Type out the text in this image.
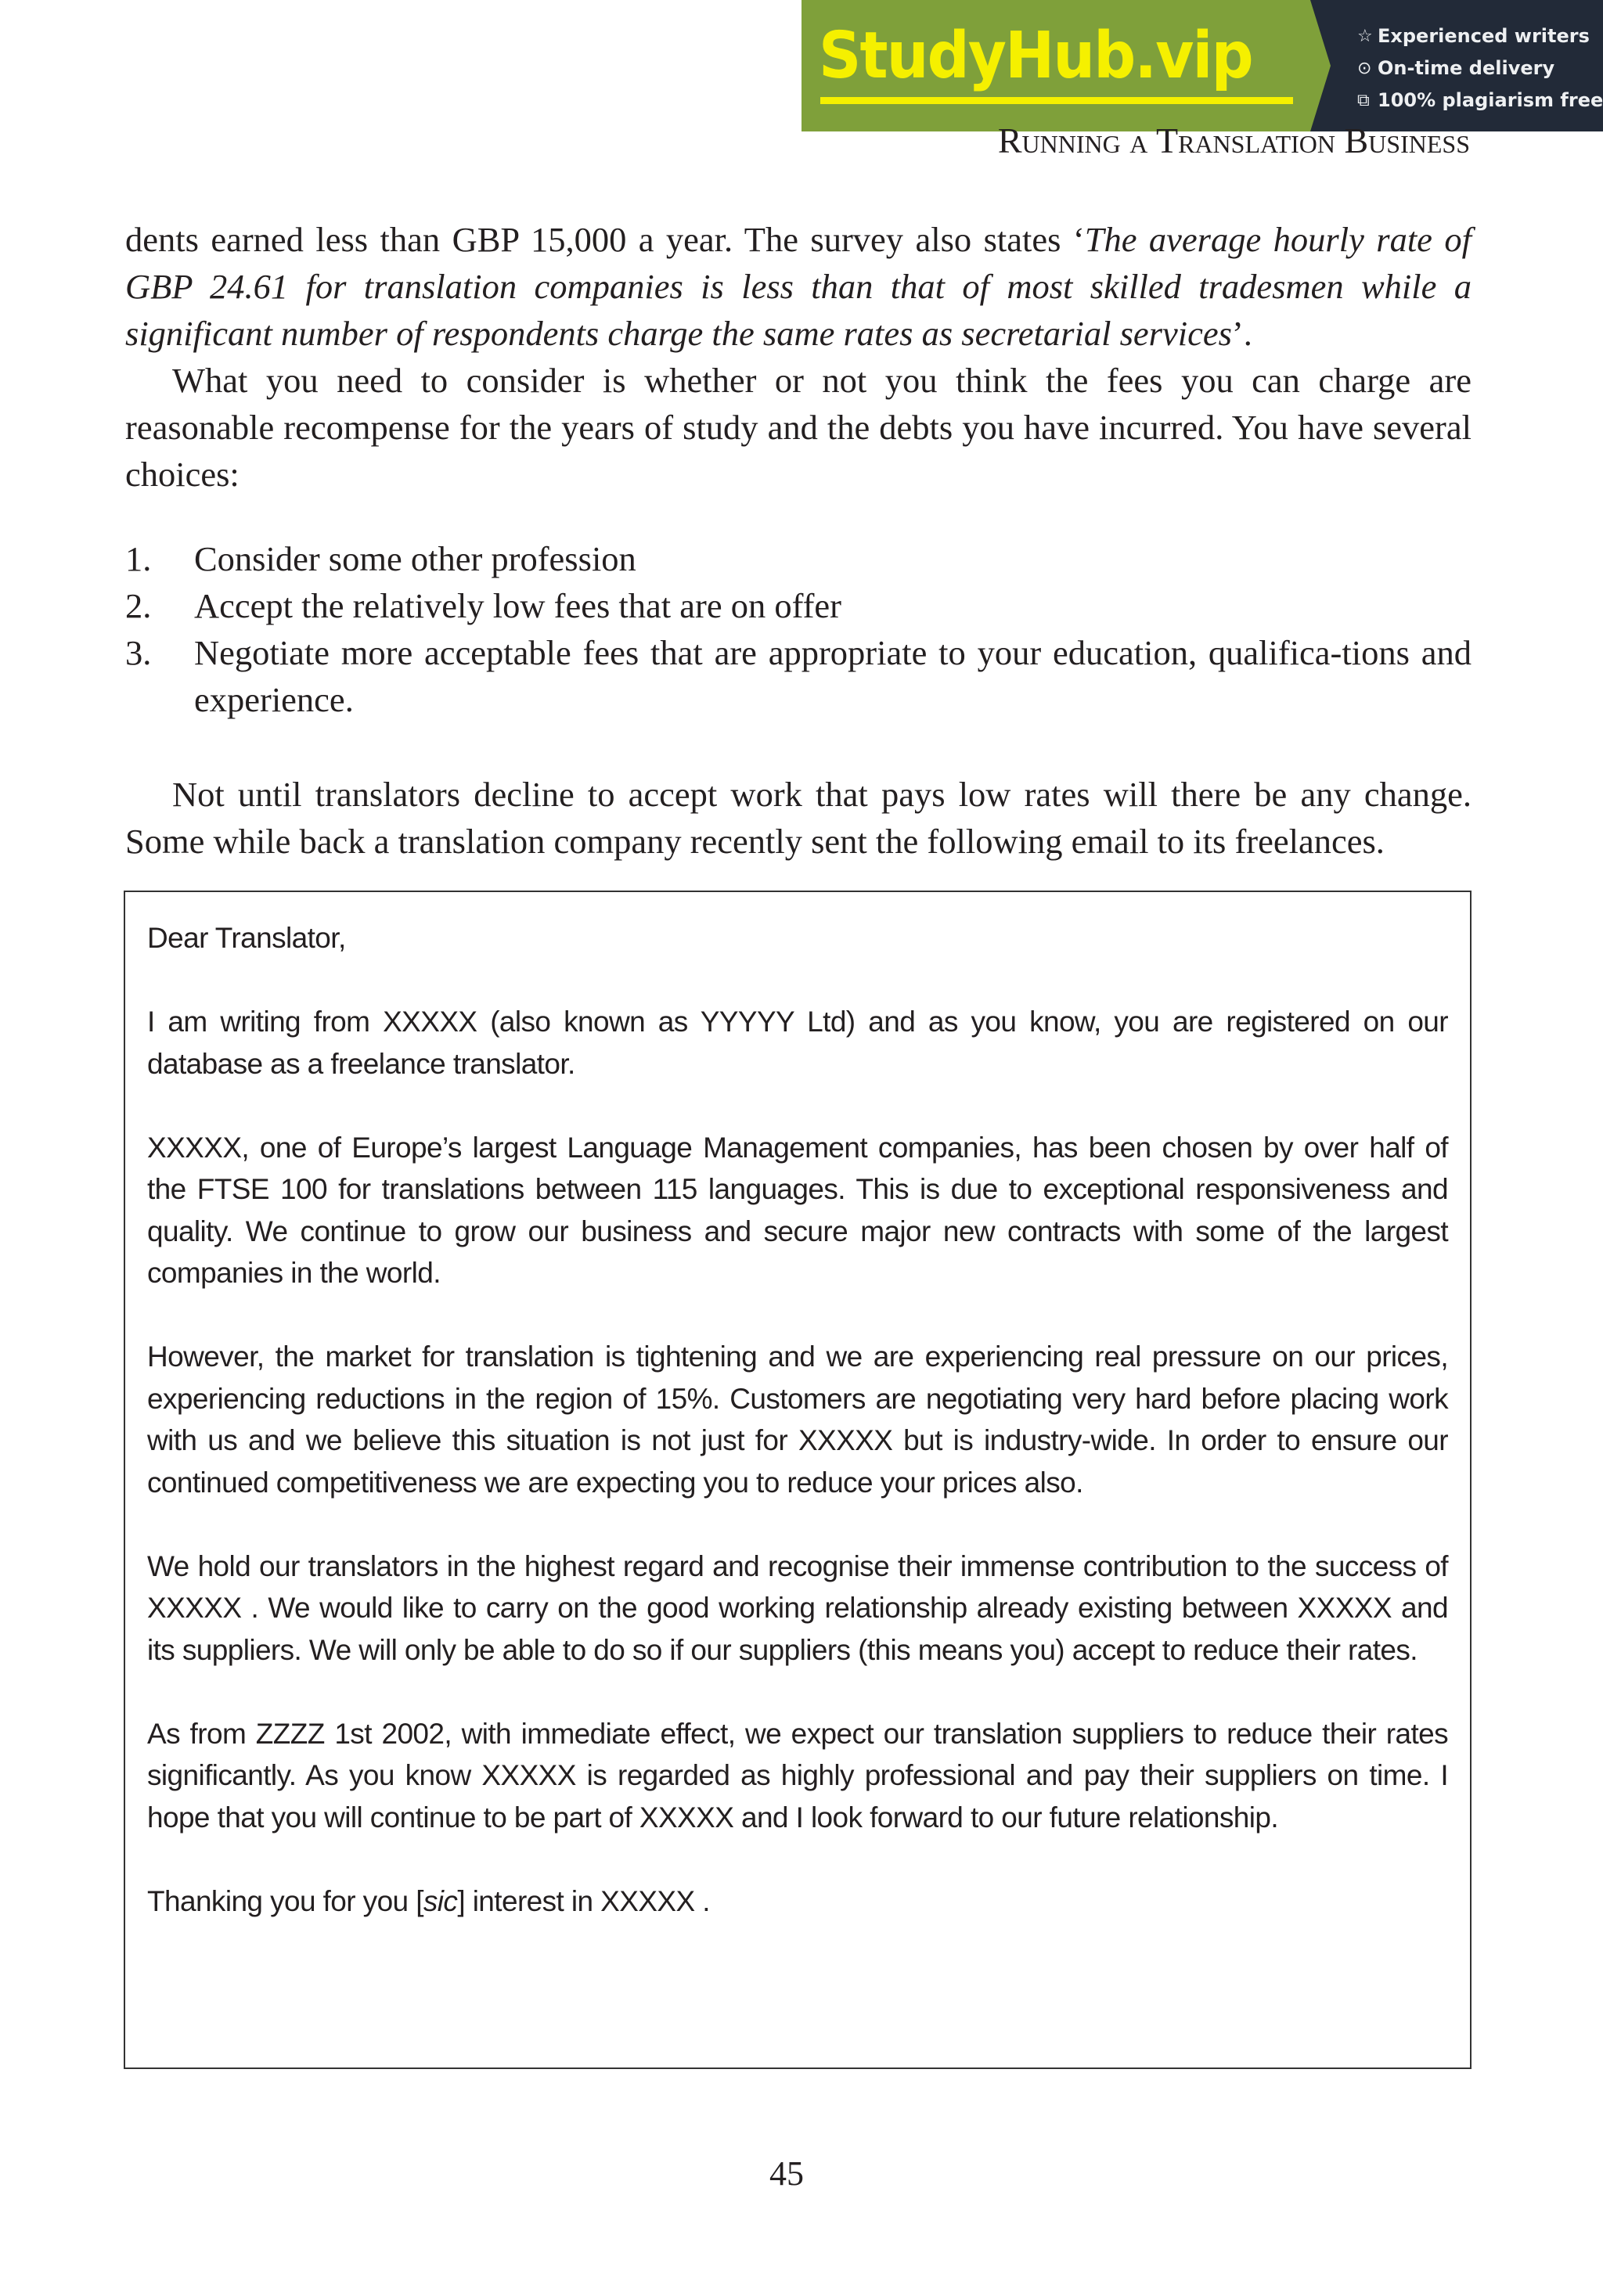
StudyHub.vip	☆ Experienced writers
⊙ On-time delivery
⧉ 100% plagiarism free
Running a Translation Business

dents earned less than GBP 15,000 a year. The survey also states ‘The average hourly rate of GBP 24.61 for translation companies is less than that of most skilled tradesmen while a significant number of respondents charge the same rates as secretarial services’.

What you need to consider is whether or not you think the fees you can charge are reasonable recompense for the years of study and the debts you have incurred. You have several choices:

1.	Consider some other profession
2.	Accept the relatively low fees that are on offer
3.	Negotiate more acceptable fees that are appropriate to your education, qualifica-tions and experience.

Not until translators decline to accept work that pays low rates will there be any change. Some while back a translation company recently sent the following email to its freelances.

Dear Translator,

I am writing from XXXXX (also known as YYYYY Ltd) and as you know, you are registered on our database as a freelance translator.

XXXXX, one of Europe’s largest Language Management companies, has been chosen by over half of the FTSE 100 for translations between 115 languages. This is due to exceptional responsiveness and quality. We continue to grow our business and secure major new contracts with some of the largest companies in the world.

However, the market for translation is tightening and we are experiencing real pressure on our prices, experiencing reductions in the region of 15%. Customers are negotiating very hard before placing work with us and we believe this situation is not just for XXXXX but is industry-wide. In order to ensure our continued competitiveness we are expecting you to reduce your prices also.

We hold our translators in the highest regard and recognise their immense contribution to the success of XXXXX . We would like to carry on the good working relationship already existing between XXXXX and its suppliers. We will only be able to do so if our suppliers (this means you) accept to reduce their rates.

As from ZZZZ 1st 2002, with immediate effect, we expect our translation suppliers to reduce their rates significantly. As you know XXXXX is regarded as highly professional and pay their suppliers on time. I hope that you will continue to be part of XXXXX and I look forward to our future relationship.

Thanking you for you [sic] interest in XXXXX .

45
